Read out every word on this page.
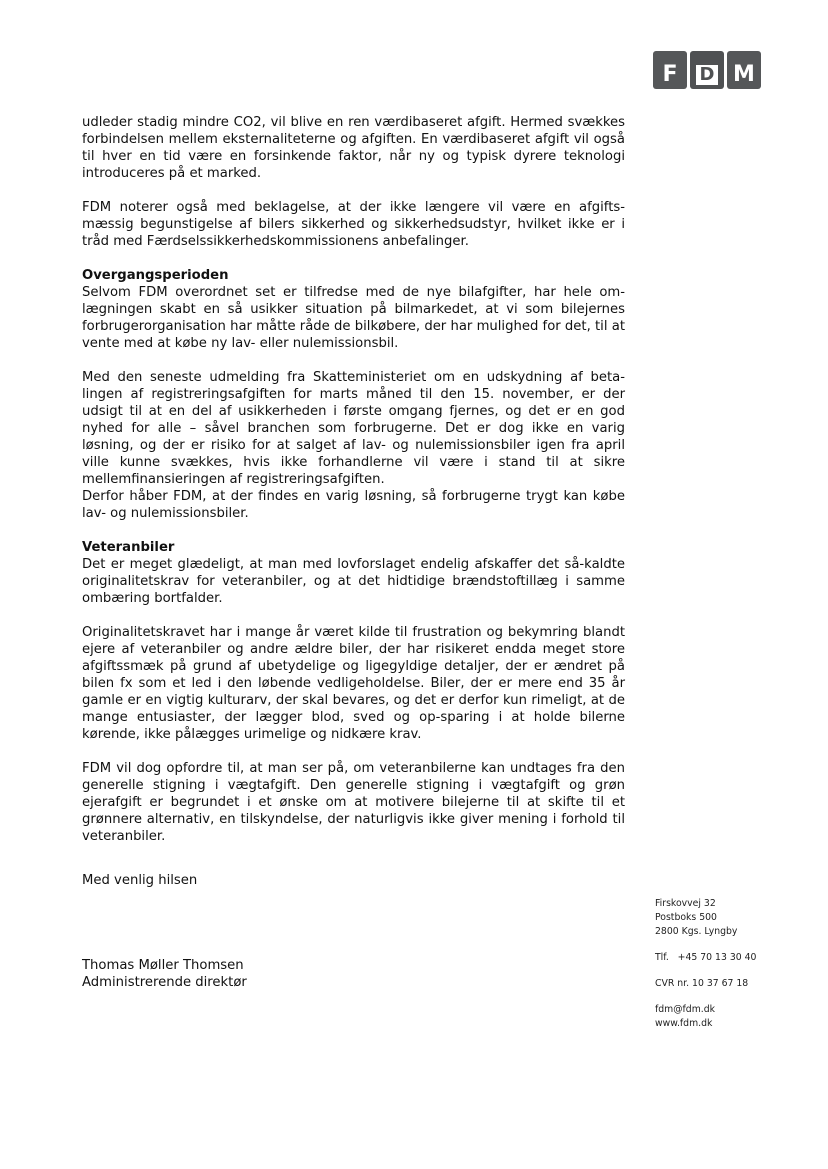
F D M

udleder stadig mindre CO2, vil blive en ren værdibaseret afgift. Hermed svækkes forbindelsen mellem eksternaliteterne og afgiften. En værdibaseret afgift vil også til hver en tid være en forsinkende faktor, når ny og typisk dyrere teknologi introduceres på et marked.

FDM noterer også med beklagelse, at der ikke længere vil være en afgifts-mæssig begunstigelse af bilers sikkerhed og sikkerhedsudstyr, hvilket ikke er i tråd med Færdselssikkerhedskommissionens anbefalinger.

Overgangsperioden

Selvom FDM overordnet set er tilfredse med de nye bilafgifter, har hele om-lægningen skabt en så usikker situation på bilmarkedet, at vi som bilejernes forbrugerorganisation har måtte råde de bilkøbere, der har mulighed for det, til at vente med at købe ny lav- eller nulemissionsbil.

Med den seneste udmelding fra Skatteministeriet om en udskydning af beta-lingen af registreringsafgiften for marts måned til den 15. november, er der udsigt til at en del af usikkerheden i første omgang fjernes, og det er en god nyhed for alle – såvel branchen som forbrugerne. Det er dog ikke en varig løsning, og der er risiko for at salget af lav- og nulemissionsbiler igen fra april ville kunne svækkes, hvis ikke forhandlerne vil være i stand til at sikre mellemfinansieringen af registreringsafgiften.

Derfor håber FDM, at der findes en varig løsning, så forbrugerne trygt kan købe lav- og nulemissionsbiler.

Veteranbiler

Det er meget glædeligt, at man med lovforslaget endelig afskaffer det så-kaldte originalitetskrav for veteranbiler, og at det hidtidige brændstoftillæg i samme ombæring bortfalder.

Originalitetskravet har i mange år været kilde til frustration og bekymring blandt ejere af veteranbiler og andre ældre biler, der har risikeret endda meget store afgiftssmæk på grund af ubetydelige og ligegyldige detaljer, der er ændret på bilen fx som et led i den løbende vedligeholdelse. Biler, der er mere end 35 år gamle er en vigtig kulturarv, der skal bevares, og det er derfor kun rimeligt, at de mange entusiaster, der lægger blod, sved og op-sparing i at holde bilerne kørende, ikke pålægges urimelige og nidkære krav.

FDM vil dog opfordre til, at man ser på, om veteranbilerne kan undtages fra den generelle stigning i vægtafgift. Den generelle stigning i vægtafgift og grøn ejerafgift er begrundet i et ønske om at motivere bilejerne til at skifte til et grønnere alternativ, en tilskyndelse, der naturligvis ikke giver mening i forhold til veteranbiler.

Med venlig hilsen
Thomas Møller Thomsen
Administrerende direktør
Firskovvej 32
Postboks 500
2800 Kgs. Lyngby
Tlf.   +45 70 13 30 40
CVR nr. 10 37 67 18
fdm@fdm.dk
www.fdm.dk
